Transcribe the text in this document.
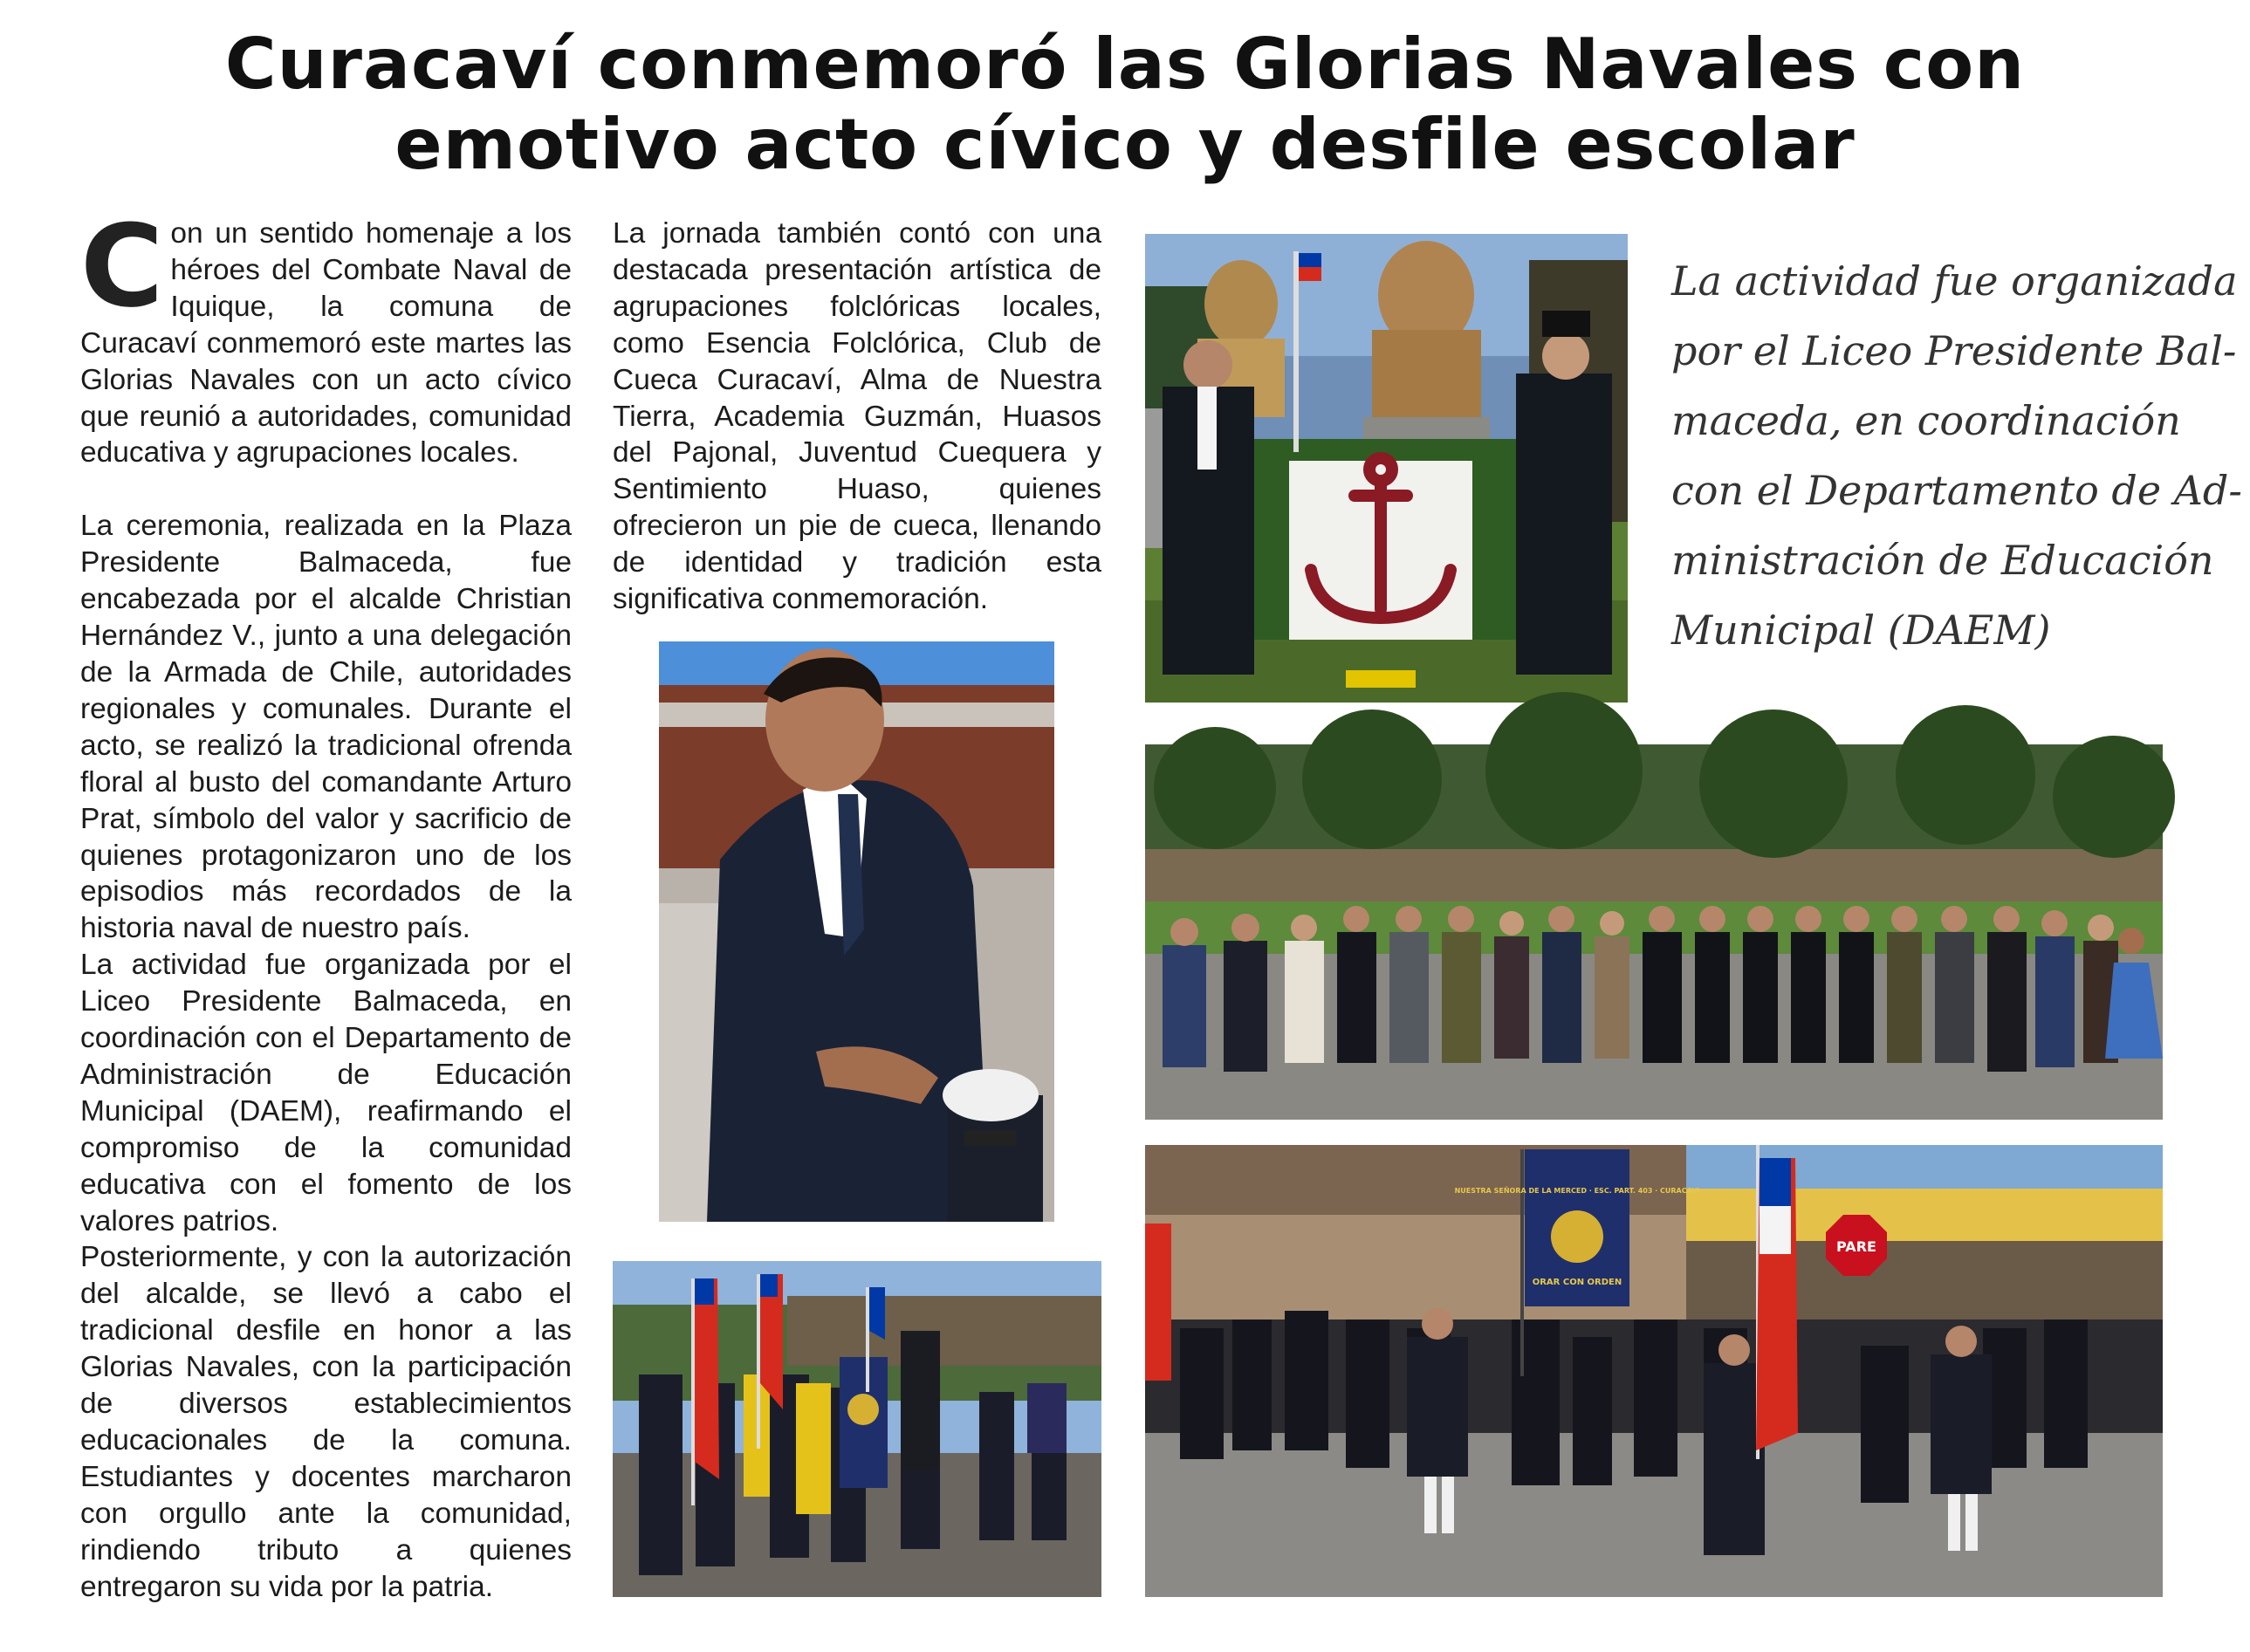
Curacaví conmemoró las Glorias Navales con
emotivo acto cívico y desfile escolar
C on un sentido homenaje a los héroes del Combate Naval de Iquique, la comuna de Curacaví conmemoró este martes las Glorias Navales con un acto cívico que reunió a autoridades, comunidad educativa y agrupaciones locales.

La ceremonia, realizada en la Plaza Presidente Balmaceda, fue encabezada por el alcalde Christian Hernández V., junto a una delegación de la Armada de Chile, autoridades regionales y comunales. Durante el acto, se realizó la tradicional ofrenda floral al busto del comandante Arturo Prat, símbolo del valor y sacrificio de quienes protagonizaron uno de los episodios más recordados de la historia naval de nuestro país.

La actividad fue organizada por el Liceo Presidente Balmaceda, en coordinación con el Departamento de Administración de Educación Municipal (DAEM), reafirmando el compromiso de la comunidad educativa con el fomento de los valores patrios.

Posteriormente, y con la autorización del alcalde, se llevó a cabo el tradicional desfile en honor a las Glorias Navales, con la participación de diversos establecimientos educacionales de la comuna. Estudiantes y docentes marcharon con orgullo ante la comunidad, rindiendo tributo a quienes entregaron su vida por la patria.

La jornada también contó con una destacada presentación artística de agrupaciones folclóricas locales, como Esencia Folclórica, Club de Cueca Curacaví, Alma de Nuestra Tierra, Academia Guzmán, Huasos del Pajonal, Juventud Cuequera y Sentimiento Huaso, quienes ofrecieron un pie de cueca, llenando de identidad y tradición esta significativa conmemoración.

La actividad fue organizada
por el Liceo Presidente Bal-
maceda, en coordinación
con el Departamento de Ad-
ministración de Educación
Municipal (DAEM)
NUESTRA SEÑORA DE LA MERCED · ESC. PART. 403 · CURACAVI
ORAR CON ORDEN
PARE
